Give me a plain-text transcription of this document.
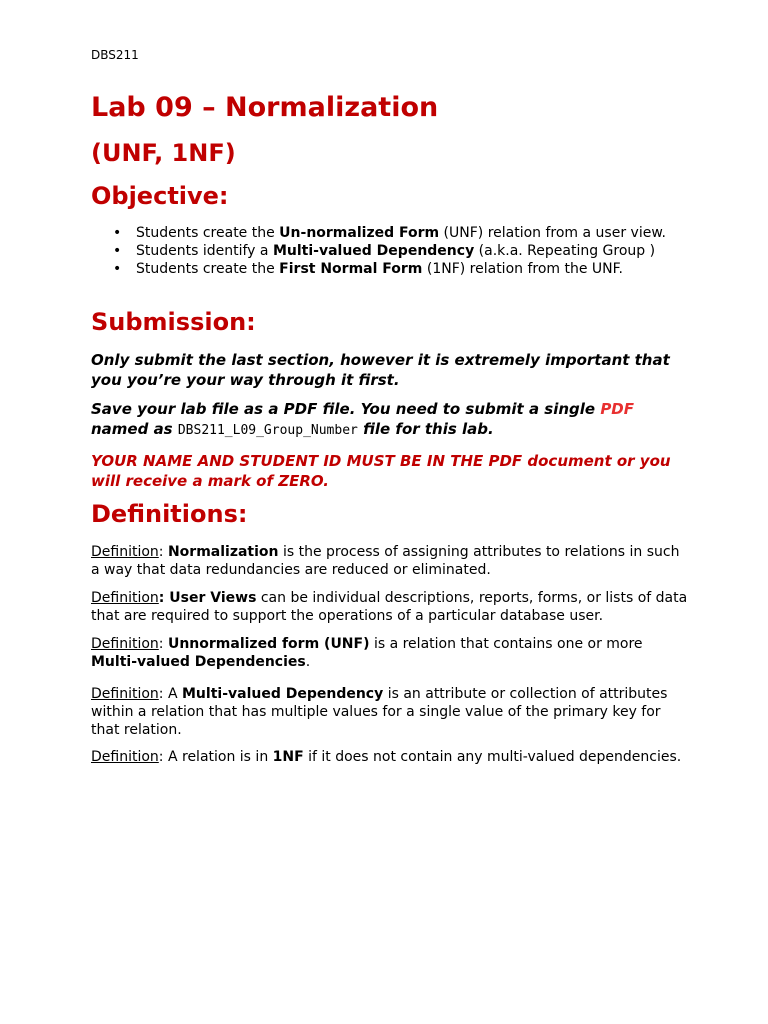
DBS211
Lab 09 – Normalization
(UNF, 1NF)
Objective:
• Students create the Un-normalized Form (UNF) relation from a user view.
• Students identify a Multi-valued Dependency (a.k.a. Repeating Group )
• Students create the First Normal Form (1NF) relation from the UNF.
Submission:

Only submit the last section, however it is extremely important that you you’re your way through it first.

Save your lab file as a PDF file. You need to submit a single PDF named as DBS211_L09_Group_Number file for this lab.

YOUR NAME AND STUDENT ID MUST BE IN THE PDF document or you will receive a mark of ZERO.

Definitions:

Definition: Normalization is the process of assigning attributes to relations in such a way that data redundancies are reduced or eliminated.

Definition: User Views can be individual descriptions, reports, forms, or lists of data that are required to support the operations of a particular database user.

Definition: Unnormalized form (UNF) is a relation that contains one or more Multi-valued Dependencies.

Definition: A Multi-valued Dependency is an attribute or collection of attributes within a relation that has multiple values for a single value of the primary key for that relation.

Definition: A relation is in 1NF if it does not contain any multi-valued dependencies.
